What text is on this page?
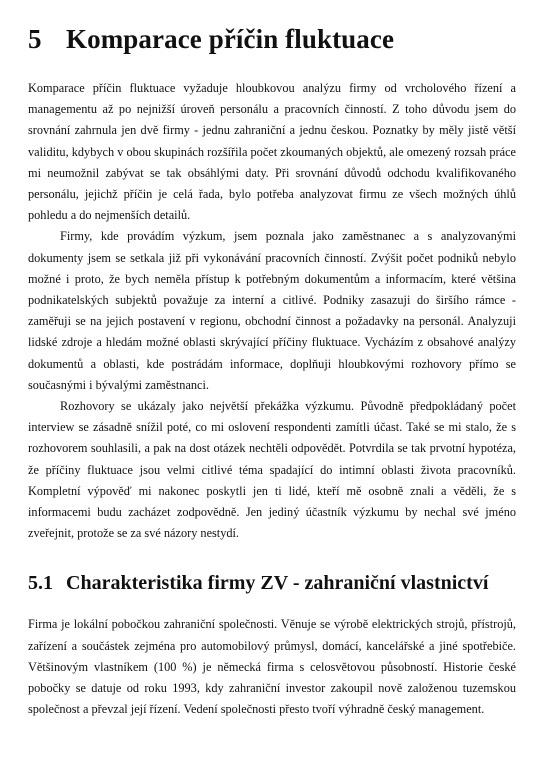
5 Komparace příčin fluktuace

Komparace příčin fluktuace vyžaduje hloubkovou analýzu firmy od vrcholového řízení a managementu až po nejnižší úroveň personálu a pracovních činností. Z toho důvodu jsem do srovnání zahrnula jen dvě firmy - jednu zahraniční a jednu českou. Poznatky by měly jistě větší validitu, kdybych v obou skupinách rozšířila počet zkoumaných objektů, ale omezený rozsah práce mi neumožnil zabývat se tak obsáhlými daty. Při srovnání důvodů odchodu kvalifikovaného personálu, jejichž příčin je celá řada, bylo potřeba analyzovat firmu ze všech možných úhlů pohledu a do nejmenších detailů.

Firmy, kde provádím výzkum, jsem poznala jako zaměstnanec a s analyzovanými dokumenty jsem se setkala již při vykonávání pracovních činností. Zvýšit počet podniků nebylo možné i proto, že bych neměla přístup k potřebným dokumentům a informacím, které většina podnikatelských subjektů považuje za interní a citlivé. Podniky zasazuji do širšího rámce - zaměřuji se na jejich postavení v regionu, obchodní činnost a požadavky na personál. Analyzuji lidské zdroje a hledám možné oblasti skrývající příčiny fluktuace. Vycházím z obsahové analýzy dokumentů a oblasti, kde postrádám informace, doplňuji hloubkovými rozhovory přímo se současnými i bývalými zaměstnanci.

Rozhovory se ukázaly jako největší překážka výzkumu. Původně předpokládaný počet interview se zásadně snížil poté, co mi oslovení respondenti zamítli účast. Také se mi stalo, že s rozhovorem souhlasili, a pak na dost otázek nechtěli odpovědět. Potvrdila se tak prvotní hypotéza, že příčiny fluktuace jsou velmi citlivé téma spadající do intimní oblasti života pracovníků. Kompletní výpověď mi nakonec poskytli jen ti lidé, kteří mě osobně znali a věděli, že s informacemi budu zacházet zodpovědně. Jen jediný účastník výzkumu by nechal své jméno zveřejnit, protože se za své názory nestydí.

5.1 Charakteristika firmy ZV - zahraniční vlastnictví

Firma je lokální pobočkou zahraniční společnosti. Věnuje se výrobě elektrických strojů, přístrojů, zařízení a součástek zejména pro automobilový průmysl, domácí, kancelářské a jiné spotřebiče. Většinovým vlastníkem (100 %) je německá firma s celosvětovou působností. Historie české pobočky se datuje od roku 1993, kdy zahraniční investor zakoupil nově založenou tuzemskou společnost a převzal její řízení. Vedení společnosti přesto tvoří výhradně český management.
